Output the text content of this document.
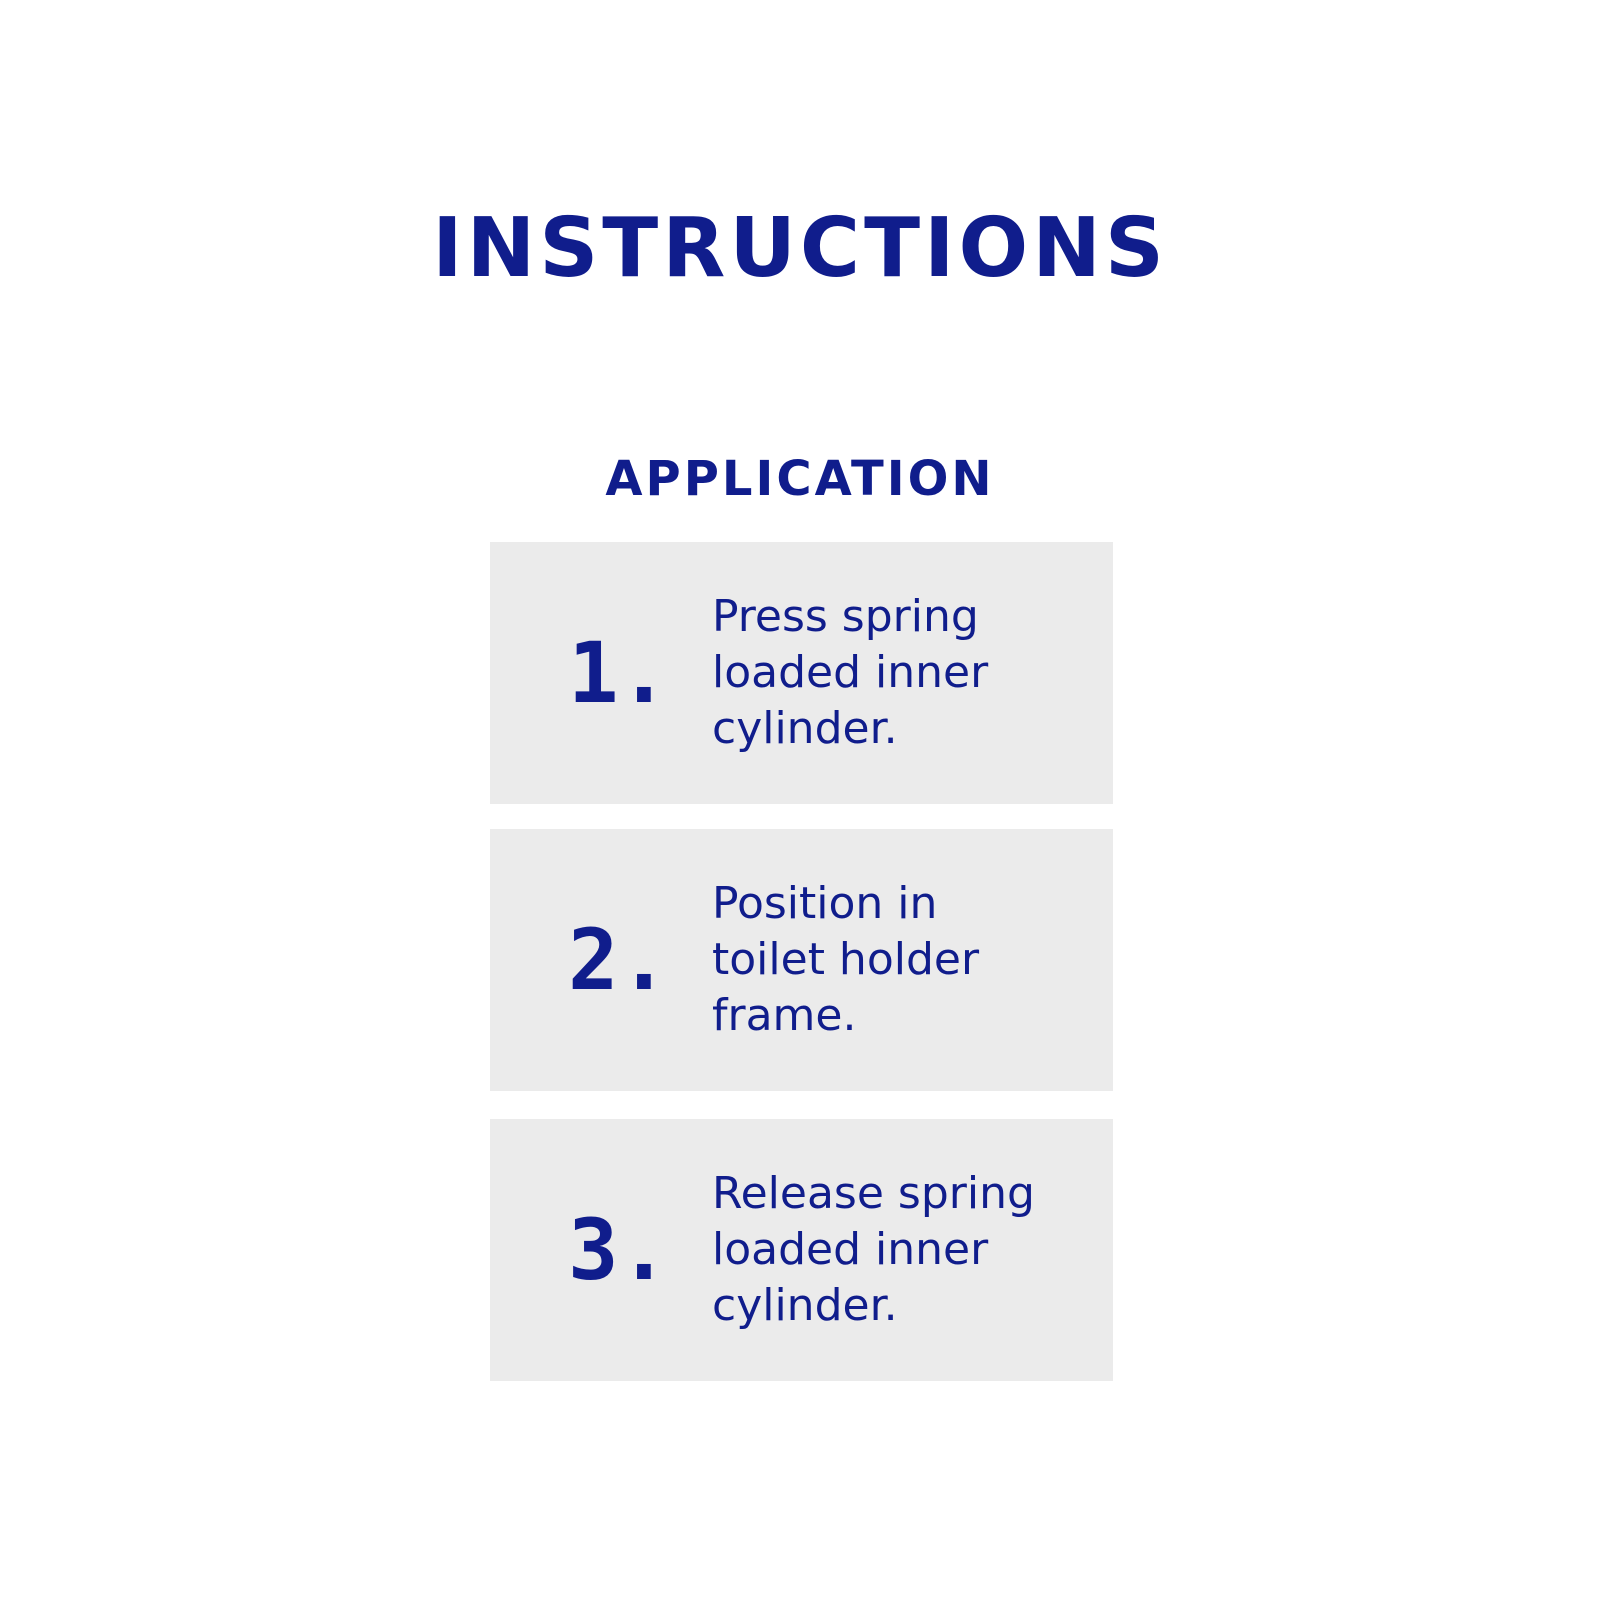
INSTRUCTIONS
APPLICATION
1.
Press spring
loaded inner
cylinder.
2.
Position in
toilet holder
frame.
3.
Release spring
loaded inner
cylinder.
